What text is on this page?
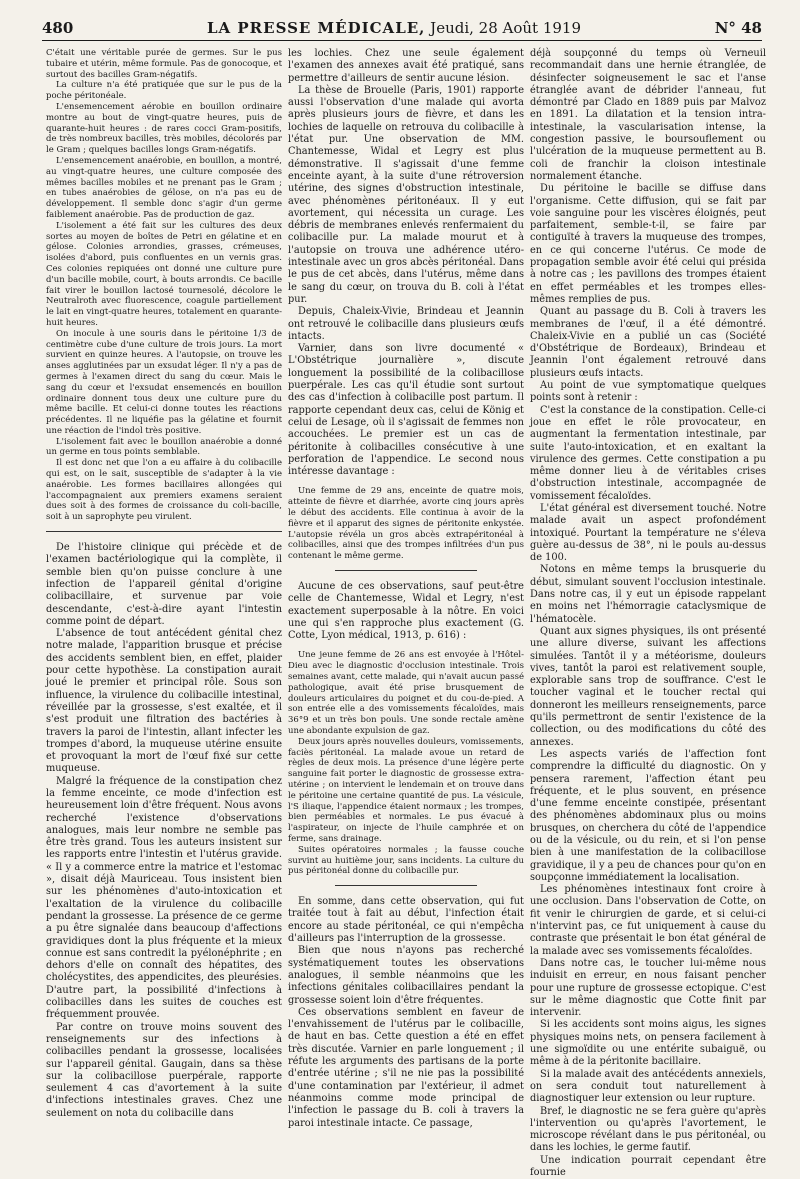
480	LA PRESSE MÉDICALE, Jeudi, 28 Août 1919	N° 48

C'était une véritable purée de germes. Sur le pus tubaire et utérin, même formule. Pas de gonocoque, et surtout des bacilles Gram-négatifs.

La culture n'a été pratiquée que sur le pus de la poche péritonéale.

L'ensemencement aérobie en bouillon ordinaire montre au bout de vingt-quatre heures, puis de quarante-huit heures : de rares cocci Gram-positifs, de très nombreux bacilles, très mobiles, décolorés par le Gram ; quelques bacilles longs Gram-négatifs.

L'ensemencement anaérobie, en bouillon, a montré, au vingt-quatre heures, une culture composée des mêmes bacilles mobiles et ne prenant pas le Gram ; en tubes anaérobies de gélose, on n'a pas eu de développement. Il semble donc s'agir d'un germe faiblement anaérobie. Pas de production de gaz.

L'isolement a été fait sur les cultures des deux sortes au moyen de boîtes de Petri en gélatine et en gélose. Colonies arrondies, grasses, crémeuses, isolées d'abord, puis confluentes en un vernis gras. Ces colonies repiquées ont donné une culture pure d'un bacille mobile, court, à bouts arrondis. Ce bacille fait virer le bouillon lactosé tournesolé, décolore le Neutralroth avec fluorescence, coagule partiellement le lait en vingt-quatre heures, totalement en quarante-huit heures.

On inocule à une souris dans le péritoine 1/3 de centimètre cube d'une culture de trois jours. La mort survient en quinze heures. A l'autopsie, on trouve les anses agglutinées par un exsudat léger. Il n'y a pas de germes à l'examen direct du sang du cœur. Mais le sang du cœur et l'exsudat ensemencés en bouillon ordinaire donnent tous deux une culture pure du même bacille. Et celui-ci donne toutes les réactions précédentes. Il ne liquéfie pas la gélatine et fournit une réaction de l'indol très positive.

L'isolement fait avec le bouillon anaérobie a donné un germe en tous points semblable.

Il est donc net que l'on a eu affaire à du colibacille qui est, on le sait, susceptible de s'adapter à la vie anaérobie. Les formes bacillaires allongées qui l'accompagnaient aux premiers examens seraient dues soit à des formes de croissance du coli-bacille, soit à un saprophyte peu virulent.

De l'histoire clinique qui précède et de l'examen bactériologique qui la complète, il semble bien qu'on puisse conclure à une infection de l'appareil génital d'origine colibacillaire, et survenue par voie descendante, c'est-à-dire ayant l'intestin comme point de départ.

L'absence de tout antécédent génital chez notre malade, l'apparition brusque et précise des accidents semblent bien, en effet, plaider pour cette hypothèse. La constipation aurait joué le premier et principal rôle. Sous son influence, la virulence du colibacille intestinal, réveillée par la grossesse, s'est exaltée, et il s'est produit une filtration des bactéries à travers la paroi de l'intestin, allant infecter les trompes d'abord, la muqueuse utérine ensuite et provoquant la mort de l'œuf fixé sur cette muqueuse.

Malgré la fréquence de la constipation chez la femme enceinte, ce mode d'infection est heureusement loin d'être fréquent. Nous avons recherché l'existence d'observations analogues, mais leur nombre ne semble pas être très grand. Tous les auteurs insistent sur les rapports entre l'intestin et l'utérus gravide. « Il y a commerce entre la matrice et l'estomac », disait déjà Mauriceau. Tous insistent bien sur les phénomènes d'auto-intoxication et l'exaltation de la virulence du colibacille pendant la grossesse. La présence de ce germe a pu être signalée dans beaucoup d'affections gravidiques dont la plus fréquente et la mieux connue est sans contredit la pyélonéphrite ; en dehors d'elle on connaît des hépatites, des cholécystites, des appendicites, des pleurésies. D'autre part, la possibilité d'infections à colibacilles dans les suites de couches est fréquemment prouvée.

Par contre on trouve moins souvent des renseignements sur des infections à colibacilles pendant la grossesse, localisées sur l'appareil génital. Gaugain, dans sa thèse sur la colibacillose puerpérale, rapporte seulement 4 cas d'avortement à la suite d'infections intestinales graves. Chez une seulement on nota du colibacille dans

les lochies. Chez une seule également l'examen des annexes avait été pratiqué, sans permettre d'ailleurs de sentir aucune lésion.

La thèse de Brouelle (Paris, 1901) rapporte aussi l'observation d'une malade qui avorta après plusieurs jours de fièvre, et dans les lochies de laquelle on retrouva du colibacille à l'état pur. Une observation de MM. Chantemesse, Widal et Legry est plus démonstrative. Il s'agissait d'une femme enceinte ayant, à la suite d'une rétroversion utérine, des signes d'obstruction intestinale, avec phénomènes péritonéaux. Il y eut avortement, qui nécessita un curage. Les débris de membranes enlevés renfermaient du colibacille pur. La malade mourut et à l'autopsie on trouva une adhérence utéro-intestinale avec un gros abcès péritonéal. Dans le pus de cet abcès, dans l'utérus, même dans le sang du cœur, on trouva du B. coli à l'état pur.

Depuis, Chaleix-Vivie, Brindeau et Jeannin ont retrouvé le colibacille dans plusieurs œufs intacts.

Varnier, dans son livre documenté « L'Obstétrique journalière », discute longuement la possibilité de la colibacillose puerpérale. Les cas qu'il étudie sont surtout des cas d'infection à colibacille post partum. Il rapporte cependant deux cas, celui de König et celui de Lesage, où il s'agissait de femmes non accouchées. Le premier est un cas de péritonite à colibacilles consécutive à une perforation de l'appendice. Le second nous intéresse davantage :

Une femme de 29 ans, enceinte de quatre mois, atteinte de fièvre et diarrhée, avorte cinq jours après le début des accidents. Elle continua à avoir de la fièvre et il apparut des signes de péritonite enkystée. L'autopsie révéla un gros abcès extrapéritonéal à colibacilles, ainsi que des trompes infiltrées d'un pus contenant le même germe.

Aucune de ces observations, sauf peut-être celle de Chantemesse, Widal et Legry, n'est exactement superposable à la nôtre. En voici une qui s'en rapproche plus exactement (G. Cotte, Lyon médical, 1913, p. 616) :

Une jeune femme de 26 ans est envoyée à l'Hôtel-Dieu avec le diagnostic d'occlusion intestinale. Trois semaines avant, cette malade, qui n'avait aucun passé pathologique, avait été prise brusquement de douleurs articulaires du poignet et du cou-de-pied. A son entrée elle a des vomissements fécaloïdes, mais 36°9 et un très bon pouls. Une sonde rectale amène une abondante expulsion de gaz.

Deux jours après nouvelles douleurs, vomissements, faciès péritonéal. La malade avoue un retard de règles de deux mois. La présence d'une légère perte sanguine fait porter le diagnostic de grossesse extra-utérine ; on intervient le lendemain et on trouve dans le péritoine une certaine quantité de pus. La vésicule, l'S iliaque, l'appendice étaient normaux ; les trompes, bien perméables et normales. Le pus évacué à l'aspirateur, on injecte de l'huile camphrée et on ferme, sans drainage.

Suites opératoires normales ; la fausse couche survint au huitième jour, sans incidents. La culture du pus péritonéal donne du colibacille pur.

En somme, dans cette observation, qui fut traitée tout à fait au début, l'infection était encore au stade péritonéal, ce qui n'empêcha d'ailleurs pas l'interruption de la grossesse.

Bien que nous n'ayons pas recherché systématiquement toutes les observations analogues, il semble néanmoins que les infections génitales colibacillaires pendant la grossesse soient loin d'être fréquentes.

Ces observations semblent en faveur de l'envahissement de l'utérus par le colibacille, de haut en bas. Cette question a été en effet très discutée. Varnier en parle longuement ; il réfute les arguments des partisans de la porte d'entrée utérine ; s'il ne nie pas la possibilité d'une contamination par l'extérieur, il admet néanmoins comme mode principal de l'infection le passage du B. coli à travers la paroi intestinale intacte. Ce passage,

déjà soupçonné du temps où Verneuil recommandait dans une hernie étranglée, de désinfecter soigneusement le sac et l'anse étranglée avant de débrider l'anneau, fut démontré par Clado en 1889 puis par Malvoz en 1891. La dilatation et la tension intra-intestinale, la vascularisation intense, la congestion passive, le boursouflement ou l'ulcération de la muqueuse permettent au B. coli de franchir la cloison intestinale normalement étanche.

Du péritoine le bacille se diffuse dans l'organisme. Cette diffusion, qui se fait par voie sanguine pour les viscères éloignés, peut parfaitement, semble-t-il, se faire par contiguïté à travers la muqueuse des trompes, en ce qui concerne l'utérus. Ce mode de propagation semble avoir été celui qui présida à notre cas ; les pavillons des trompes étaient en effet perméables et les trompes elles-mêmes remplies de pus.

Quant au passage du B. Coli à travers les membranes de l'œuf, il a été démontré. Chaleix-Vivie en a publié un cas (Société d'Obstétrique de Bordeaux), Brindeau et Jeannin l'ont également retrouvé dans plusieurs œufs intacts.

Au point de vue symptomatique quelques points sont à retenir :

C'est la constance de la constipation. Celle-ci joue en effet le rôle provocateur, en augmentant la fermentation intestinale, par suite l'auto-intoxication, et en exaltant la virulence des germes. Cette constipation a pu même donner lieu à de véritables crises d'obstruction intestinale, accompagnée de vomissement fécaloïdes.

L'état général est diversement touché. Notre malade avait un aspect profondément intoxiqué. Pourtant la température ne s'éleva guère au-dessus de 38°, ni le pouls au-dessus de 100.

Notons en même temps la brusquerie du début, simulant souvent l'occlusion intestinale. Dans notre cas, il y eut un épisode rappelant en moins net l'hémorragie cataclysmique de l'hématocèle.

Quant aux signes physiques, ils ont présenté une allure diverse, suivant les affections simulées. Tantôt il y a météorisme, douleurs vives, tantôt la paroi est relativement souple, explorable sans trop de souffrance. C'est le toucher vaginal et le toucher rectal qui donneront les meilleurs renseignements, parce qu'ils permettront de sentir l'existence de la collection, ou des modifications du côté des annexes.

Les aspects variés de l'affection font comprendre la difficulté du diagnostic. On y pensera rarement, l'affection étant peu fréquente, et le plus souvent, en présence d'une femme enceinte constipée, présentant des phénomènes abdominaux plus ou moins brusques, on cherchera du côté de l'appendice ou de la vésicule, ou du rein, et si l'on pense bien à une manifestation de la colibacillose gravidique, il y a peu de chances pour qu'on en soupçonne immédiatement la localisation.

Les phénomènes intestinaux font croire à une occlusion. Dans l'observation de Cotte, on fit venir le chirurgien de garde, et si celui-ci n'intervint pas, ce fut uniquement à cause du contraste que présentait le bon état général de la malade avec ses vomissements fécaloïdes.

Dans notre cas, le toucher lui-même nous induisit en erreur, en nous faisant pencher pour une rupture de grossesse ectopique. C'est sur le même diagnostic que Cotte finit par intervenir.

Si les accidents sont moins aigus, les signes physiques moins nets, on pensera facilement à une sigmoïdite ou une entérite subaiguë, ou même à de la péritonite bacillaire.

Si la malade avait des antécédents annexiels, on sera conduit tout naturellement à diagnostiquer leur extension ou leur rupture.

Bref, le diagnostic ne se fera guère qu'après l'intervention ou qu'après l'avortement, le microscope révélant dans le pus péritonéal, ou dans les lochies, le germe fautif.

Une indication pourrait cependant être fournie
